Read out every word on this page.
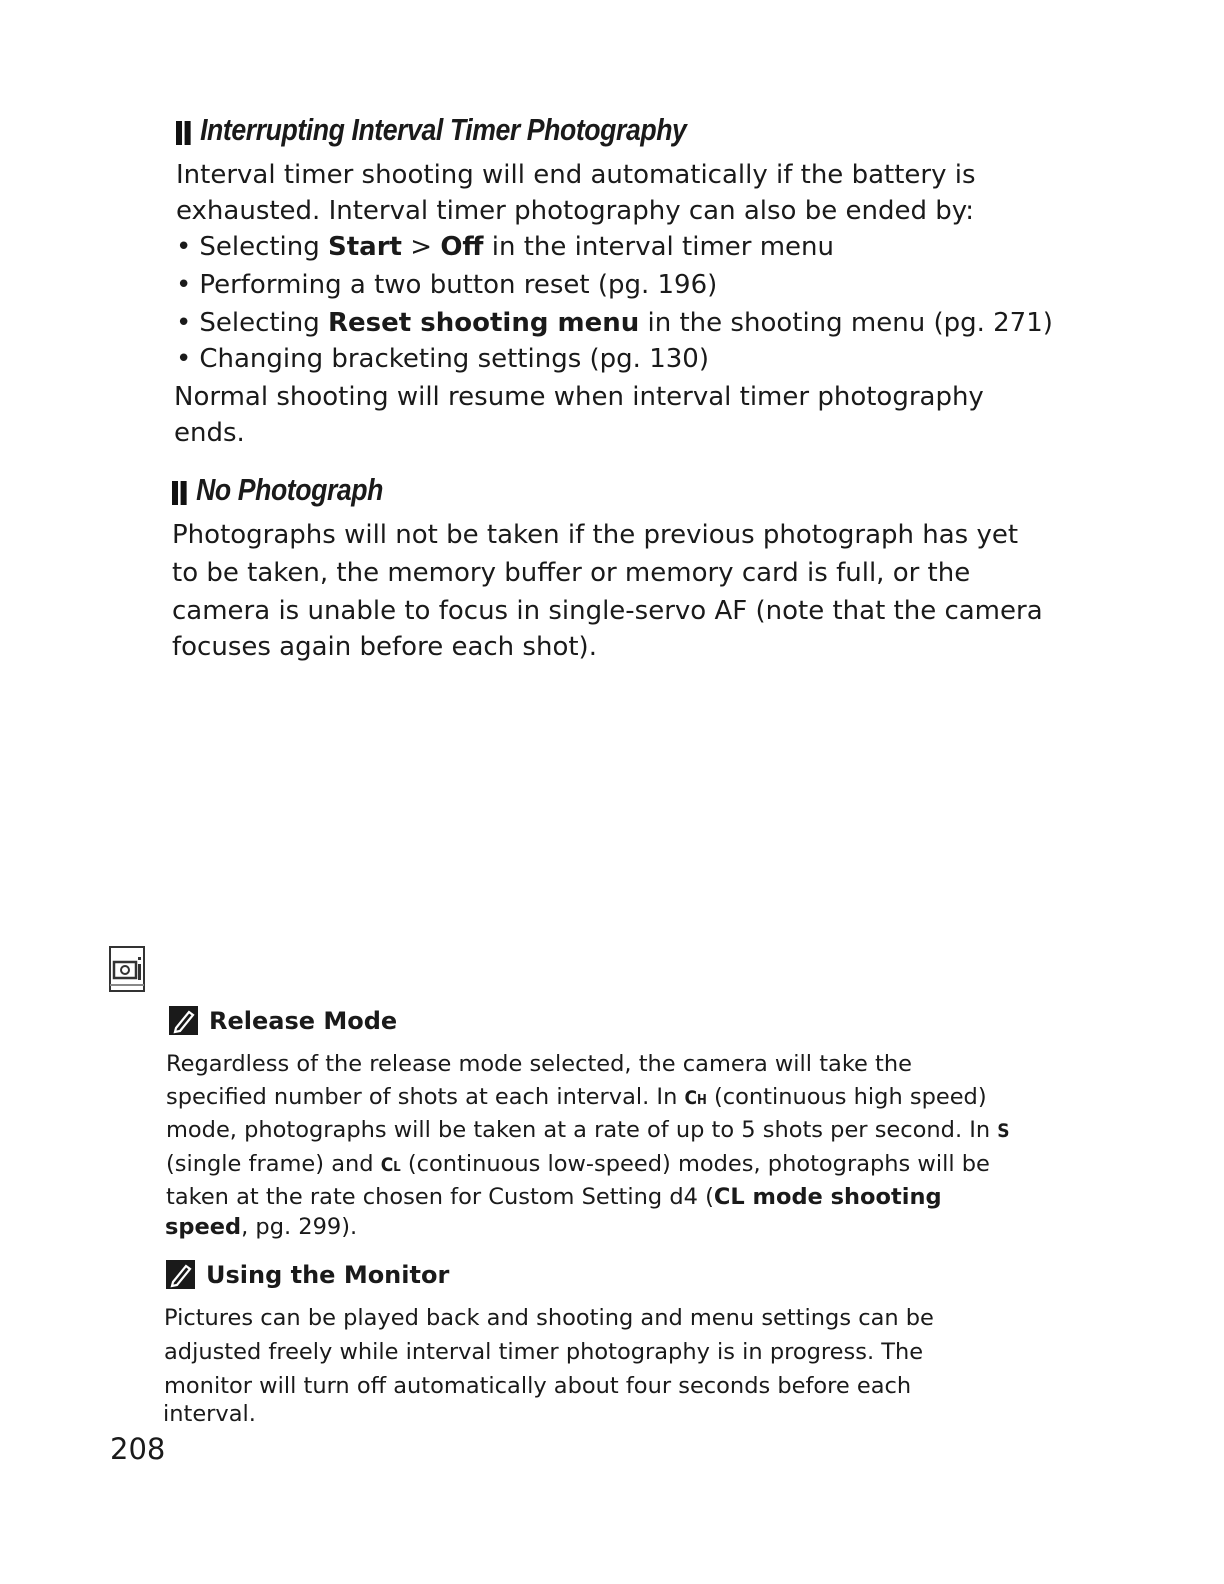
Interrupting Interval Timer Photography
Interval timer shooting will end automatically if the battery is
exhausted. Interval timer photography can also be ended by:
• Selecting Start > Off in the interval timer menu
• Performing a two button reset (pg. 196)
• Selecting Reset shooting menu in the shooting menu (pg. 271)
• Changing bracketing settings (pg. 130)
Normal shooting will resume when interval timer photography
ends.
No Photograph
Photographs will not be taken if the previous photograph has yet
to be taken, the memory buffer or memory card is full, or the
camera is unable to focus in single-servo AF (note that the camera
focuses again before each shot).
Release Mode
Regardless of the release mode selected, the camera will take the
specified number of shots at each interval. In CH (continuous high speed)
mode, photographs will be taken at a rate of up to 5 shots per second. In S
(single frame) and CL (continuous low-speed) modes, photographs will be
taken at the rate chosen for Custom Setting d4 (CL mode shooting
speed, pg. 299).
Using the Monitor
Pictures can be played back and shooting and menu settings can be
adjusted freely while interval timer photography is in progress. The
monitor will turn off automatically about four seconds before each
interval.
208
